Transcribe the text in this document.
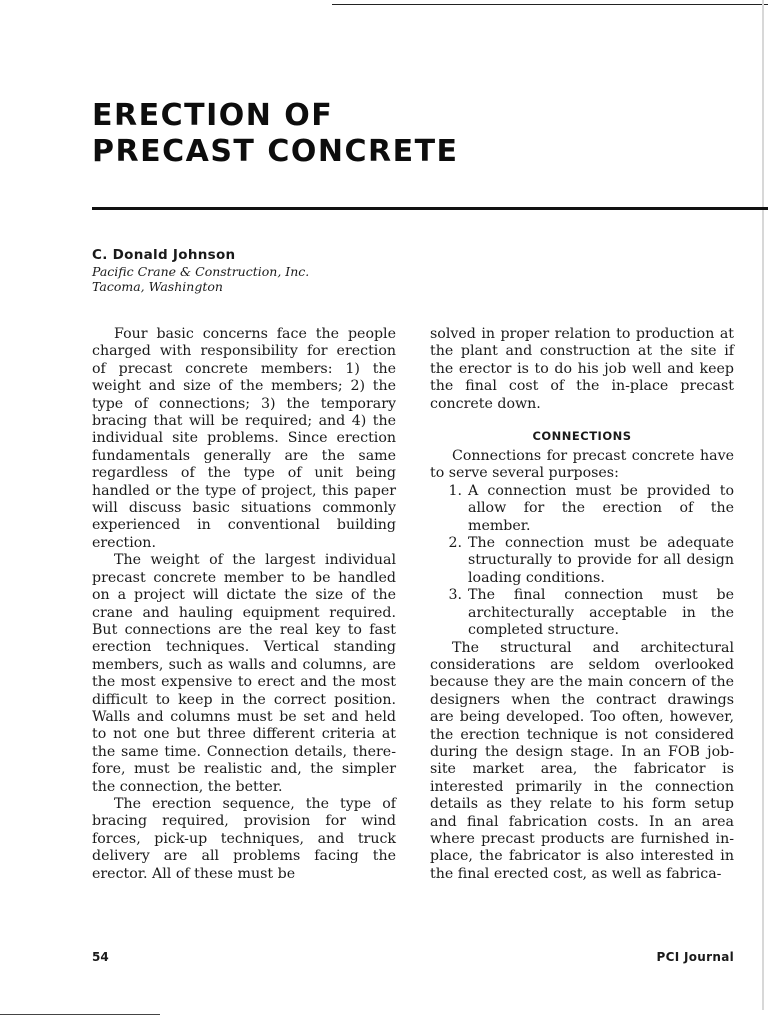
ERECTION OF
PRECAST CONCRETE
C. Donald Johnson
Pacific Crane & Construction, Inc.
Tacoma, Washington

Four basic concerns face the people charged with responsibility for erection of precast concrete members: 1) the weight and size of the members; 2) the type of connections; 3) the temporary bracing that will be required; and 4) the individual site problems. Since erection fundamentals generally are the same regardless of the type of unit being handled or the type of project, this paper will discuss basic situations commonly experienced in conventional building erection.

The weight of the largest individual precast concrete member to be handled on a project will dictate the size of the crane and hauling equipment required. But connections are the real key to fast erection techniques. Vertical standing members, such as walls and columns, are the most expensive to erect and the most difficult to keep in the correct position. Walls and columns must be set and held to not one but three different criteria at the same time. Connection details, therefore, must be realistic and, the simpler the connection, the better.

The erection sequence, the type of bracing required, provision for wind forces, pick-up techniques, and truck delivery are all problems facing the erector. All of these must be

solved in proper relation to production at the plant and construction at the site if the erector is to do his job well and keep the final cost of the in-place precast concrete down.

CONNECTIONS

Connections for precast concrete have to serve several purposes:

1. A connection must be provided to allow for the erection of the member.
2. The connection must be adequate structurally to provide for all design loading conditions.
3. The final connection must be architecturally acceptable in the completed structure.

The structural and architectural considerations are seldom overlooked because they are the main concern of the designers when the contract drawings are being developed. Too often, however, the erection technique is not considered during the design stage. In an FOB job-site market area, the fabricator is interested primarily in the connection details as they relate to his form setup and final fabrication costs. In an area where precast products are furnished in-place, the fabricator is also interested in the final erected cost, as well as fabrica-

54	PCI Journal
